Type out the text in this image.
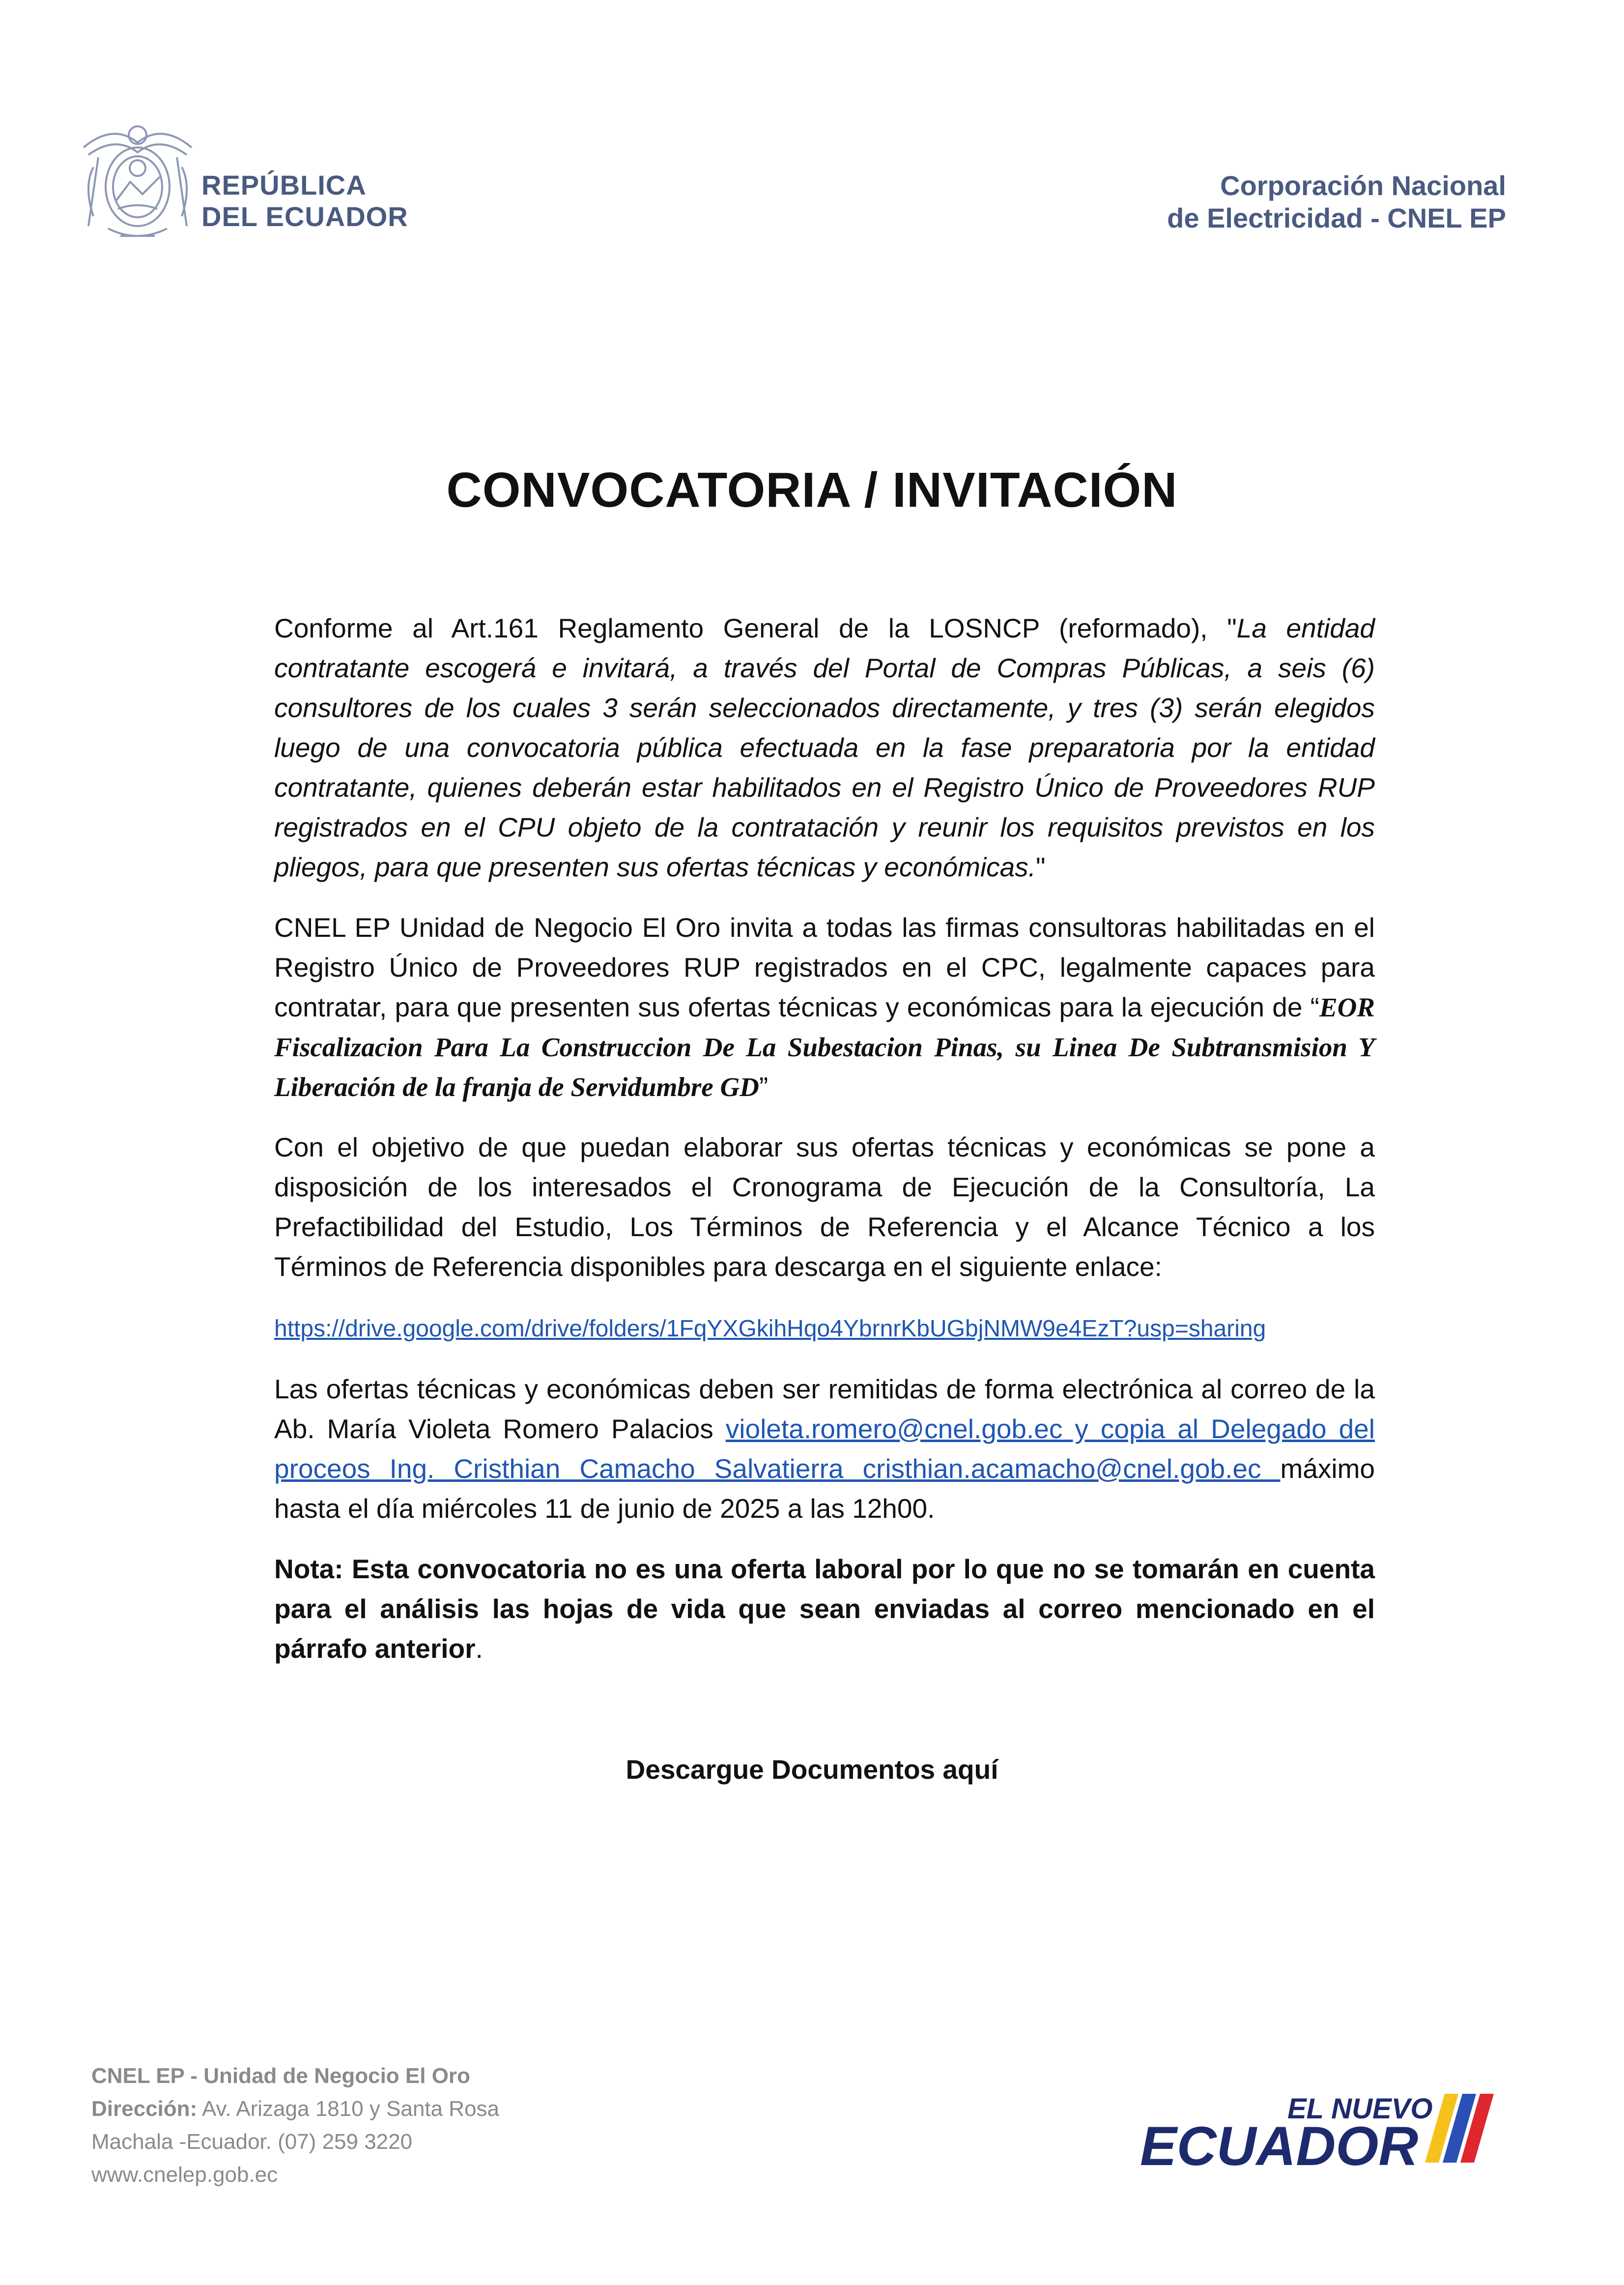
REPÚBLICA
DEL ECUADOR
Corporación Nacional
de Electricidad - CNEL EP
CONVOCATORIA / INVITACIÓN

Conforme al Art.161 Reglamento General de la LOSNCP (reformado), "La entidad contratante escogerá e invitará, a través del Portal de Compras Públicas, a seis (6) consultores de los cuales 3 serán seleccionados directamente, y tres (3) serán elegidos luego de una convocatoria pública efectuada en la fase preparatoria por la entidad contratante, quienes deberán estar habilitados en el Registro Único de Proveedores RUP registrados en el CPU objeto de la contratación y reunir los requisitos previstos en los pliegos, para que presenten sus ofertas técnicas y económicas."

CNEL EP Unidad de Negocio El Oro invita a todas las firmas consultoras habilitadas en el Registro Único de Proveedores RUP registrados en el CPC, legalmente capaces para contratar, para que presenten sus ofertas técnicas y económicas para la ejecución de “EOR Fiscalizacion Para La Construccion De La Subestacion Pinas, su Linea De Subtransmision Y Liberación de la franja de Servidumbre GD”

Con el objetivo de que puedan elaborar sus ofertas técnicas y económicas se pone a disposición de los interesados el Cronograma de Ejecución de la Consultoría, La Prefactibilidad del Estudio, Los Términos de Referencia y el Alcance Técnico a los Términos de Referencia disponibles para descarga en el siguiente enlace:

https://drive.google.com/drive/folders/1FqYXGkihHqo4YbrnrKbUGbjNMW9e4EzT?usp=sharing

Las ofertas técnicas y económicas deben ser remitidas de forma electrónica al correo de la Ab. María Violeta Romero Palacios violeta.romero@cnel.gob.ec y copia al Delegado del proceos Ing. Cristhian Camacho Salvatierra cristhian.acamacho@cnel.gob.ec máximo hasta el día miércoles 11 de junio de 2025 a las 12h00.

Nota: Esta convocatoria no es una oferta laboral por lo que no se tomarán en cuenta para el análisis las hojas de vida que sean enviadas al correo mencionado en el párrafo anterior.

Descargue Documentos aquí
CNEL EP - Unidad de Negocio El Oro
Dirección: Av. Arizaga 1810 y Santa Rosa
Machala -Ecuador. (07) 259 3220
www.cnelep.gob.ec
EL NUEVO
ECUADOR
